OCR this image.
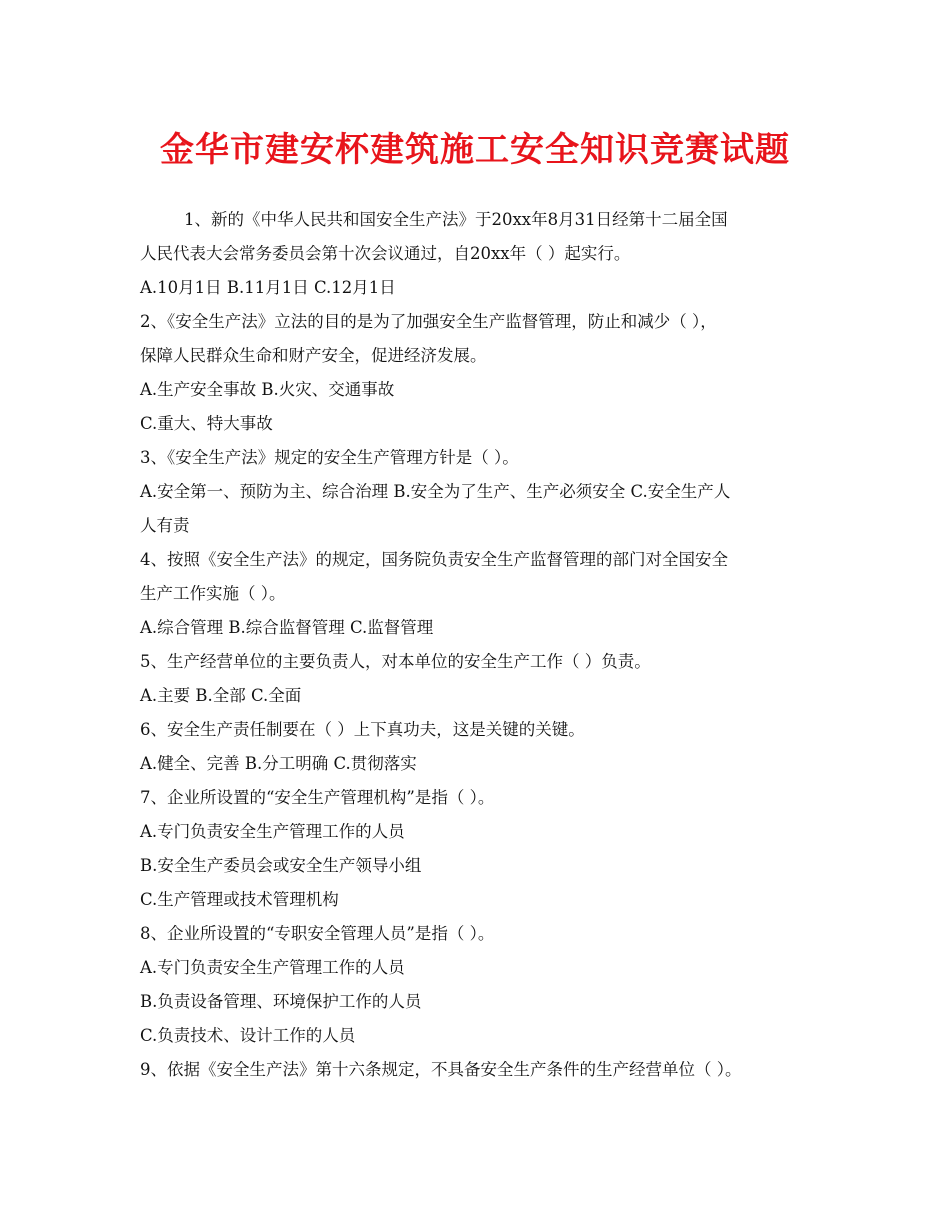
金华市建安杯建筑施工安全知识竞赛试题
1、新的《中华人民共和国安全生产法》于20xx年8月31日经第十二届全国
人民代表大会常务委员会第十次会议通过，自20xx年（ ）起实行。
A.10月1日 B.11月1日 C.12月1日
2、《安全生产法》立法的目的是为了加强安全生产监督管理，防止和减少（ ），
保障人民群众生命和财产安全，促进经济发展。
A.生产安全事故 B.火灾、交通事故
C.重大、特大事故
3、《安全生产法》规定的安全生产管理方针是（ ）。
A.安全第一、预防为主、综合治理 B.安全为了生产、生产必须安全 C.安全生产人
人有责
4、按照《安全生产法》的规定，国务院负责安全生产监督管理的部门对全国安全
生产工作实施（ ）。
A.综合管理 B.综合监督管理 C.监督管理
5、生产经营单位的主要负责人，对本单位的安全生产工作（ ）负责。
A.主要 B.全部 C.全面
6、安全生产责任制要在（ ）上下真功夫，这是关键的关键。
A.健全、完善 B.分工明确 C.贯彻落实
7、企业所设置的“安全生产管理机构”是指（ ）。
A.专门负责安全生产管理工作的人员
B.安全生产委员会或安全生产领导小组
C.生产管理或技术管理机构
8、企业所设置的“专职安全管理人员”是指（ ）。
A.专门负责安全生产管理工作的人员
B.负责设备管理、环境保护工作的人员
C.负责技术、设计工作的人员
9、依据《安全生产法》第十六条规定，不具备安全生产条件的生产经营单位（ ）。
